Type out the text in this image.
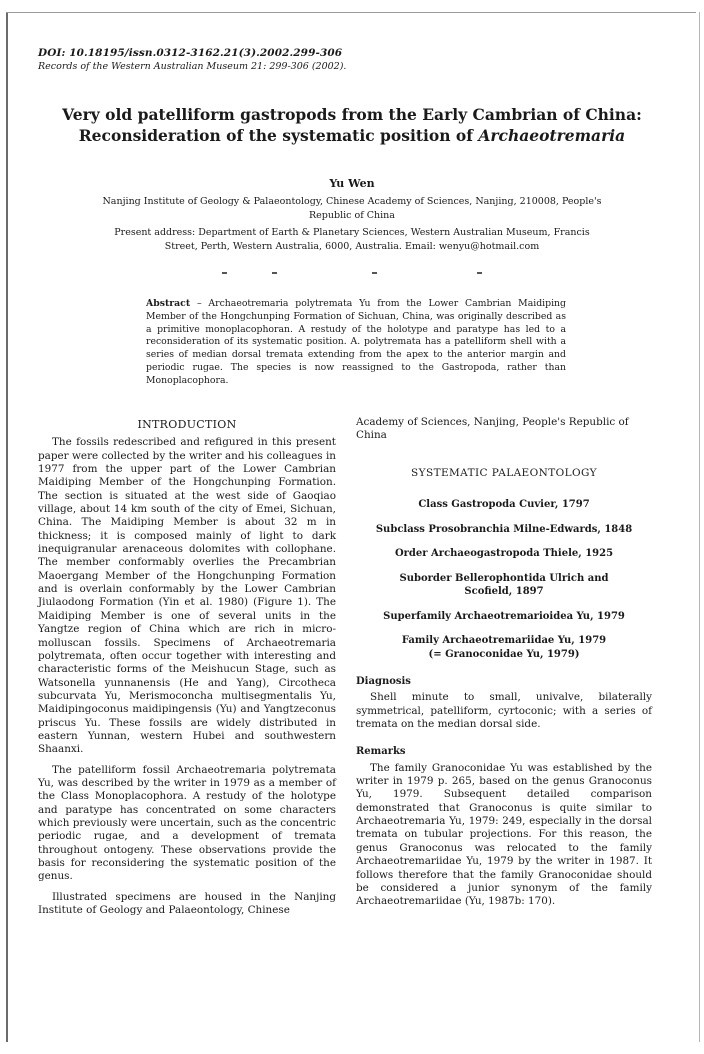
DOI: 10.18195/issn.0312-3162.21(3).2002.299-306
Records of the Western Australian Museum 21: 299-306 (2002).
Very old patelliform gastropods from the Early Cambrian of China:
Reconsideration of the systematic position of Archaeotremaria
Yu Wen

Nanjing Institute of Geology & Palaeontology, Chinese Academy of Sciences, Nanjing, 210008, People's Republic of China

Present address: Department of Earth & Planetary Sciences, Western Australian Museum, Francis Street, Perth, Western Australia, 6000, Australia. Email: wenyu@hotmail.com

Abstract – Archaeotremaria polytremata Yu from the Lower Cambrian Maidiping Member of the Hongchunping Formation of Sichuan, China, was originally described as a primitive monoplacophoran. A restudy of the holotype and paratype has led to a reconsideration of its systematic position. A. polytremata has a patelliform shell with a series of median dorsal tremata extending from the apex to the anterior margin and periodic rugae. The species is now reassigned to the Gastropoda, rather than Monoplacophora.
INTRODUCTION

The fossils redescribed and refigured in this present paper were collected by the writer and his colleagues in 1977 from the upper part of the Lower Cambrian Maidiping Member of the Hongchunping Formation. The section is situated at the west side of Gaoqiao village, about 14 km south of the city of Emei, Sichuan, China. The Maidiping Member is about 32 m in thickness; it is composed mainly of light to dark inequigranular arenaceous dolomites with collophane. The member conformably overlies the Precambrian Maoergang Member of the Hongchunping Formation and is overlain conformably by the Lower Cambrian Jiulaodong Formation (Yin et al. 1980) (Figure 1). The Maidiping Member is one of several units in the Yangtze region of China which are rich in micro-molluscan fossils. Specimens of Archaeotremaria polytremata, often occur together with interesting and characteristic forms of the Meishucun Stage, such as Watsonella yunnanensis (He and Yang), Circotheca subcurvata Yu, Merismoconcha multisegmentalis Yu, Maidipingoconus maidipingensis (Yu) and Yangtzeconus priscus Yu. These fossils are widely distributed in eastern Yunnan, western Hubei and southwestern Shaanxi.

The patelliform fossil Archaeotremaria polytremata Yu, was described by the writer in 1979 as a member of the Class Monoplacophora. A restudy of the holotype and paratype has concentrated on some characters which previously were uncertain, such as the concentric periodic rugae, and a development of tremata throughout ontogeny. These observations provide the basis for reconsidering the systematic position of the genus.

Illustrated specimens are housed in the Nanjing Institute of Geology and Palaeontology, Chinese

Academy of Sciences, Nanjing, People's Republic of China

SYSTEMATIC PALAEONTOLOGY
Class Gastropoda Cuvier, 1797
Subclass Prosobranchia Milne-Edwards, 1848
Order Archaeogastropoda Thiele, 1925
Suborder Bellerophontida Ulrich and Scofield, 1897
Superfamily Archaeotremarioidea Yu, 1979
Family Archaeotremariidae Yu, 1979
(= Granoconidae Yu, 1979)
Diagnosis

Shell minute to small, univalve, bilaterally symmetrical, patelliform, cyrtoconic; with a series of tremata on the median dorsal side.

Remarks

The family Granoconidae Yu was established by the writer in 1979 p. 265, based on the genus Granoconus Yu, 1979. Subsequent detailed comparison demonstrated that Granoconus is quite similar to Archaeotremaria Yu, 1979: 249, especially in the dorsal tremata on tubular projections. For this reason, the genus Granoconus was relocated to the family Archaeotremariidae Yu, 1979 by the writer in 1987. It follows therefore that the family Granoconidae should be considered a junior synonym of the family Archaeotremariidae (Yu, 1987b: 170).
